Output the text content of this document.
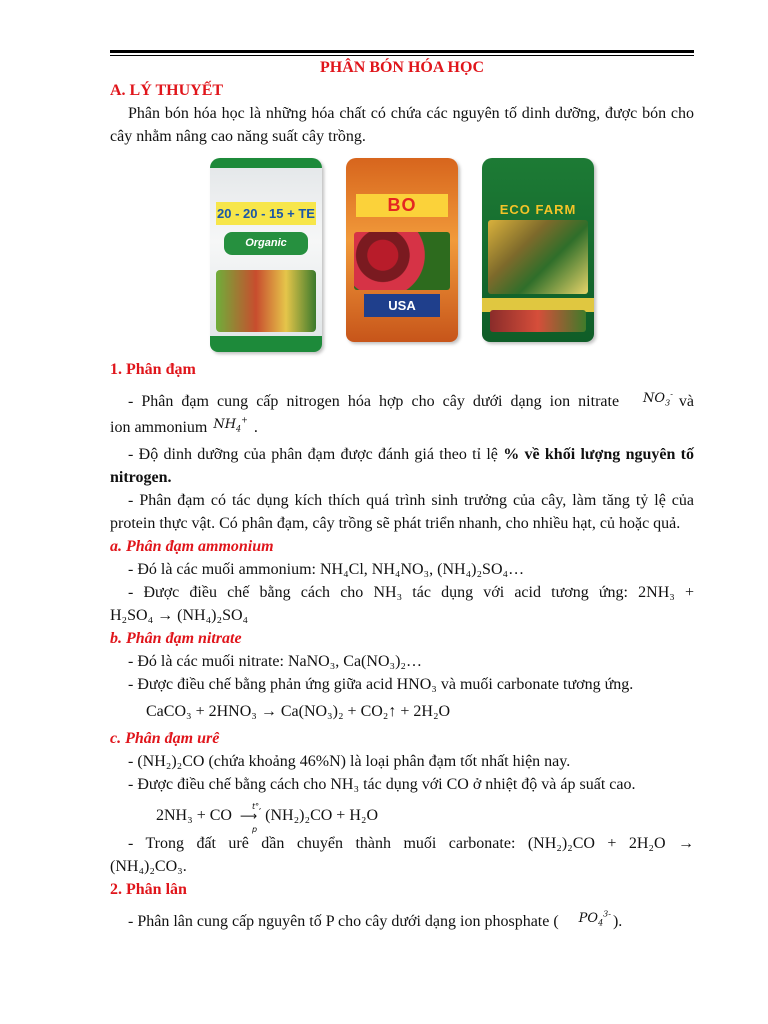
PHÂN BÓN HÓA HỌC

A. LÝ THUYẾT

Phân bón hóa học là những hóa chất có chứa các nguyên tố dinh dưỡng, được bón cho cây nhằm nâng cao năng suất cây trồng.

20 - 20 - 15 + TE
Organic
BO
USA
ECO FARM

1. Phân đạm

- Phân đạm cung cấp nitrogen hóa hợp cho cây dưới dạng ion nitrate $NO_3^-$ và

ion ammonium $NH_4^+$ .

- Độ dinh dưỡng của phân đạm được đánh giá theo tỉ lệ % về khối lượng nguyên tố nitrogen.

- Phân đạm có tác dụng kích thích quá trình sinh trưởng của cây, làm tăng tỷ lệ của protein thực vật. Có phân đạm, cây trồng sẽ phát triển nhanh, cho nhiều hạt, củ hoặc quả.

a. Phân đạm ammonium

- Đó là các muối ammonium: NH₄Cl, NH₄NO₃, (NH₄)₂SO₄…

- Được điều chế bằng cách cho NH₃ tác dụng với acid tương ứng: 2NH₃ +

H₂SO₄ → (NH₄)₂SO₄

b. Phân đạm nitrate

- Đó là các muối nitrate: NaNO₃, Ca(NO₃)₂…

- Được điều chế bằng phản ứng giữa acid HNO₃ và muối carbonate tương ứng.

CaCO₃ + 2HNO₃ → Ca(NO₃)₂ + CO₂↑ + 2H₂O

c. Phân đạm urê

- (NH₂)₂CO (chứa khoảng 46%N) là loại phân đạm tốt nhất hiện nay.

- Được điều chế bằng cách cho NH₃ tác dụng với CO ở nhiệt độ và áp suất cao.

2NH₃ + CO
t°, p
⟶ (NH₂)₂CO + H₂O

- Trong đất urê dần chuyển thành muối carbonate: (NH₂)₂CO + 2H₂O →

(NH₄)₂CO₃.

2. Phân lân

- Phân lân cung cấp nguyên tố P cho cây dưới dạng ion phosphate ( $PO_4^{3-}$ ).
